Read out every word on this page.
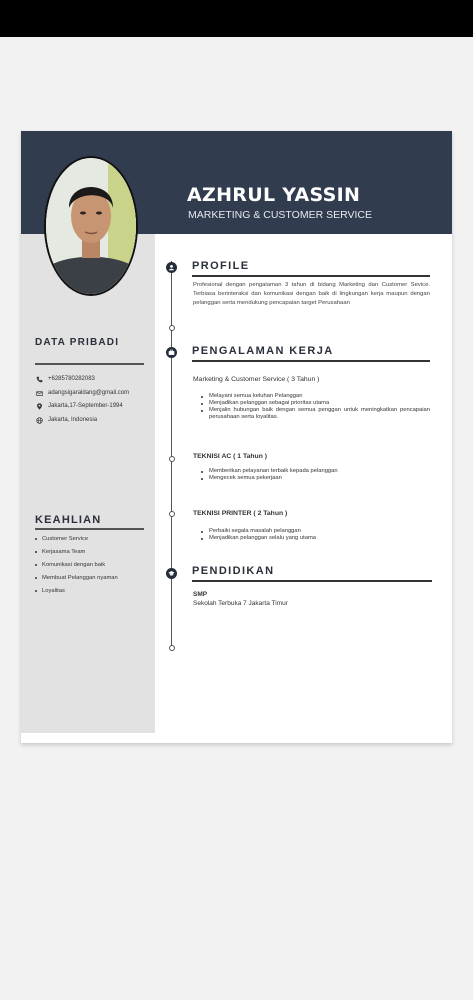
AZHRUL YASSIN
MARKETING & CUSTOMER SERVICE
DATA PRIBADI
+6285780282083
adangsigaraldang@gmail.com
Jakarta,17-September-1994
Jakarta, Indonesia
KEAHLIAN
Customer Service
Kerjasama Team
Komunikasi dengan baik
Membuat Pelanggan nyaman
Loyalitas
PROFILE
Profesional dengan pengalaman 3 tahun di bidang Marketing dan Customer Sevice. Terbiasa berinteraksi dan komunikasi dengan baik di lingkungan kerja maupun dengan pelanggan serta mendukung pencapaian target Perusahaan
PENGALAMAN KERJA
Marketing & Customer Service ( 3 Tahun )
Melayani semua keluhan Pelanggan
Menjadikan pelanggan sebagai prioritas utama
Menjalin hubungan baik dengan semua penggan untuk meningkatkan pencapaian perusahaan serta loyalitas.
TEKNISI AC ( 1 Tahun )
Memberikan pelayanan terbaik kepada pelanggan
Mengecek semua pekerjaan
TEKNISI PRINTER ( 2 Tahun )
Perbaiki segala masalah pelanggan
Menjadikan pelanggan selalu yang utama
PENDIDIKAN
SMP
Sekolah Terbuka 7 Jakarta Timur
